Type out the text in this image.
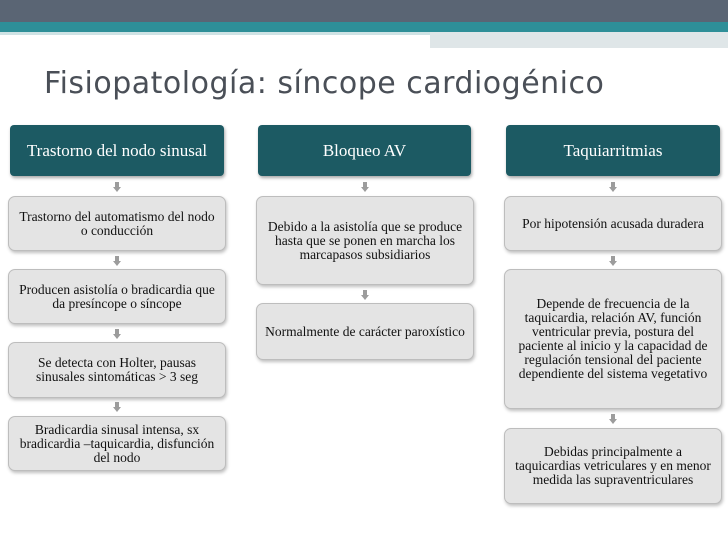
Fisiopatología: síncope cardiogénico
Trastorno del nodo sinusal
Trastorno del automatismo del nodo o conducción
Producen asistolía o bradicardia que da presíncope o síncope
Se detecta con Holter, pausas sinusales sintomáticas > 3 seg
Bradicardia sinusal intensa, sx bradicardia –taquicardia, disfunción del nodo
Bloqueo AV
Debido a la asistolía que se produce hasta que se ponen en marcha los marcapasos subsidiarios
Normalmente de carácter paroxístico
Taquiarritmias
Por hipotensión acusada duradera
Depende de frecuencia de la taquicardia, relación AV, función ventricular previa, postura del paciente al inicio y la capacidad de regulación tensional del paciente dependiente del sistema vegetativo
Debidas principalmente a taquicardias vetriculares y en menor medida las supraventriculares
